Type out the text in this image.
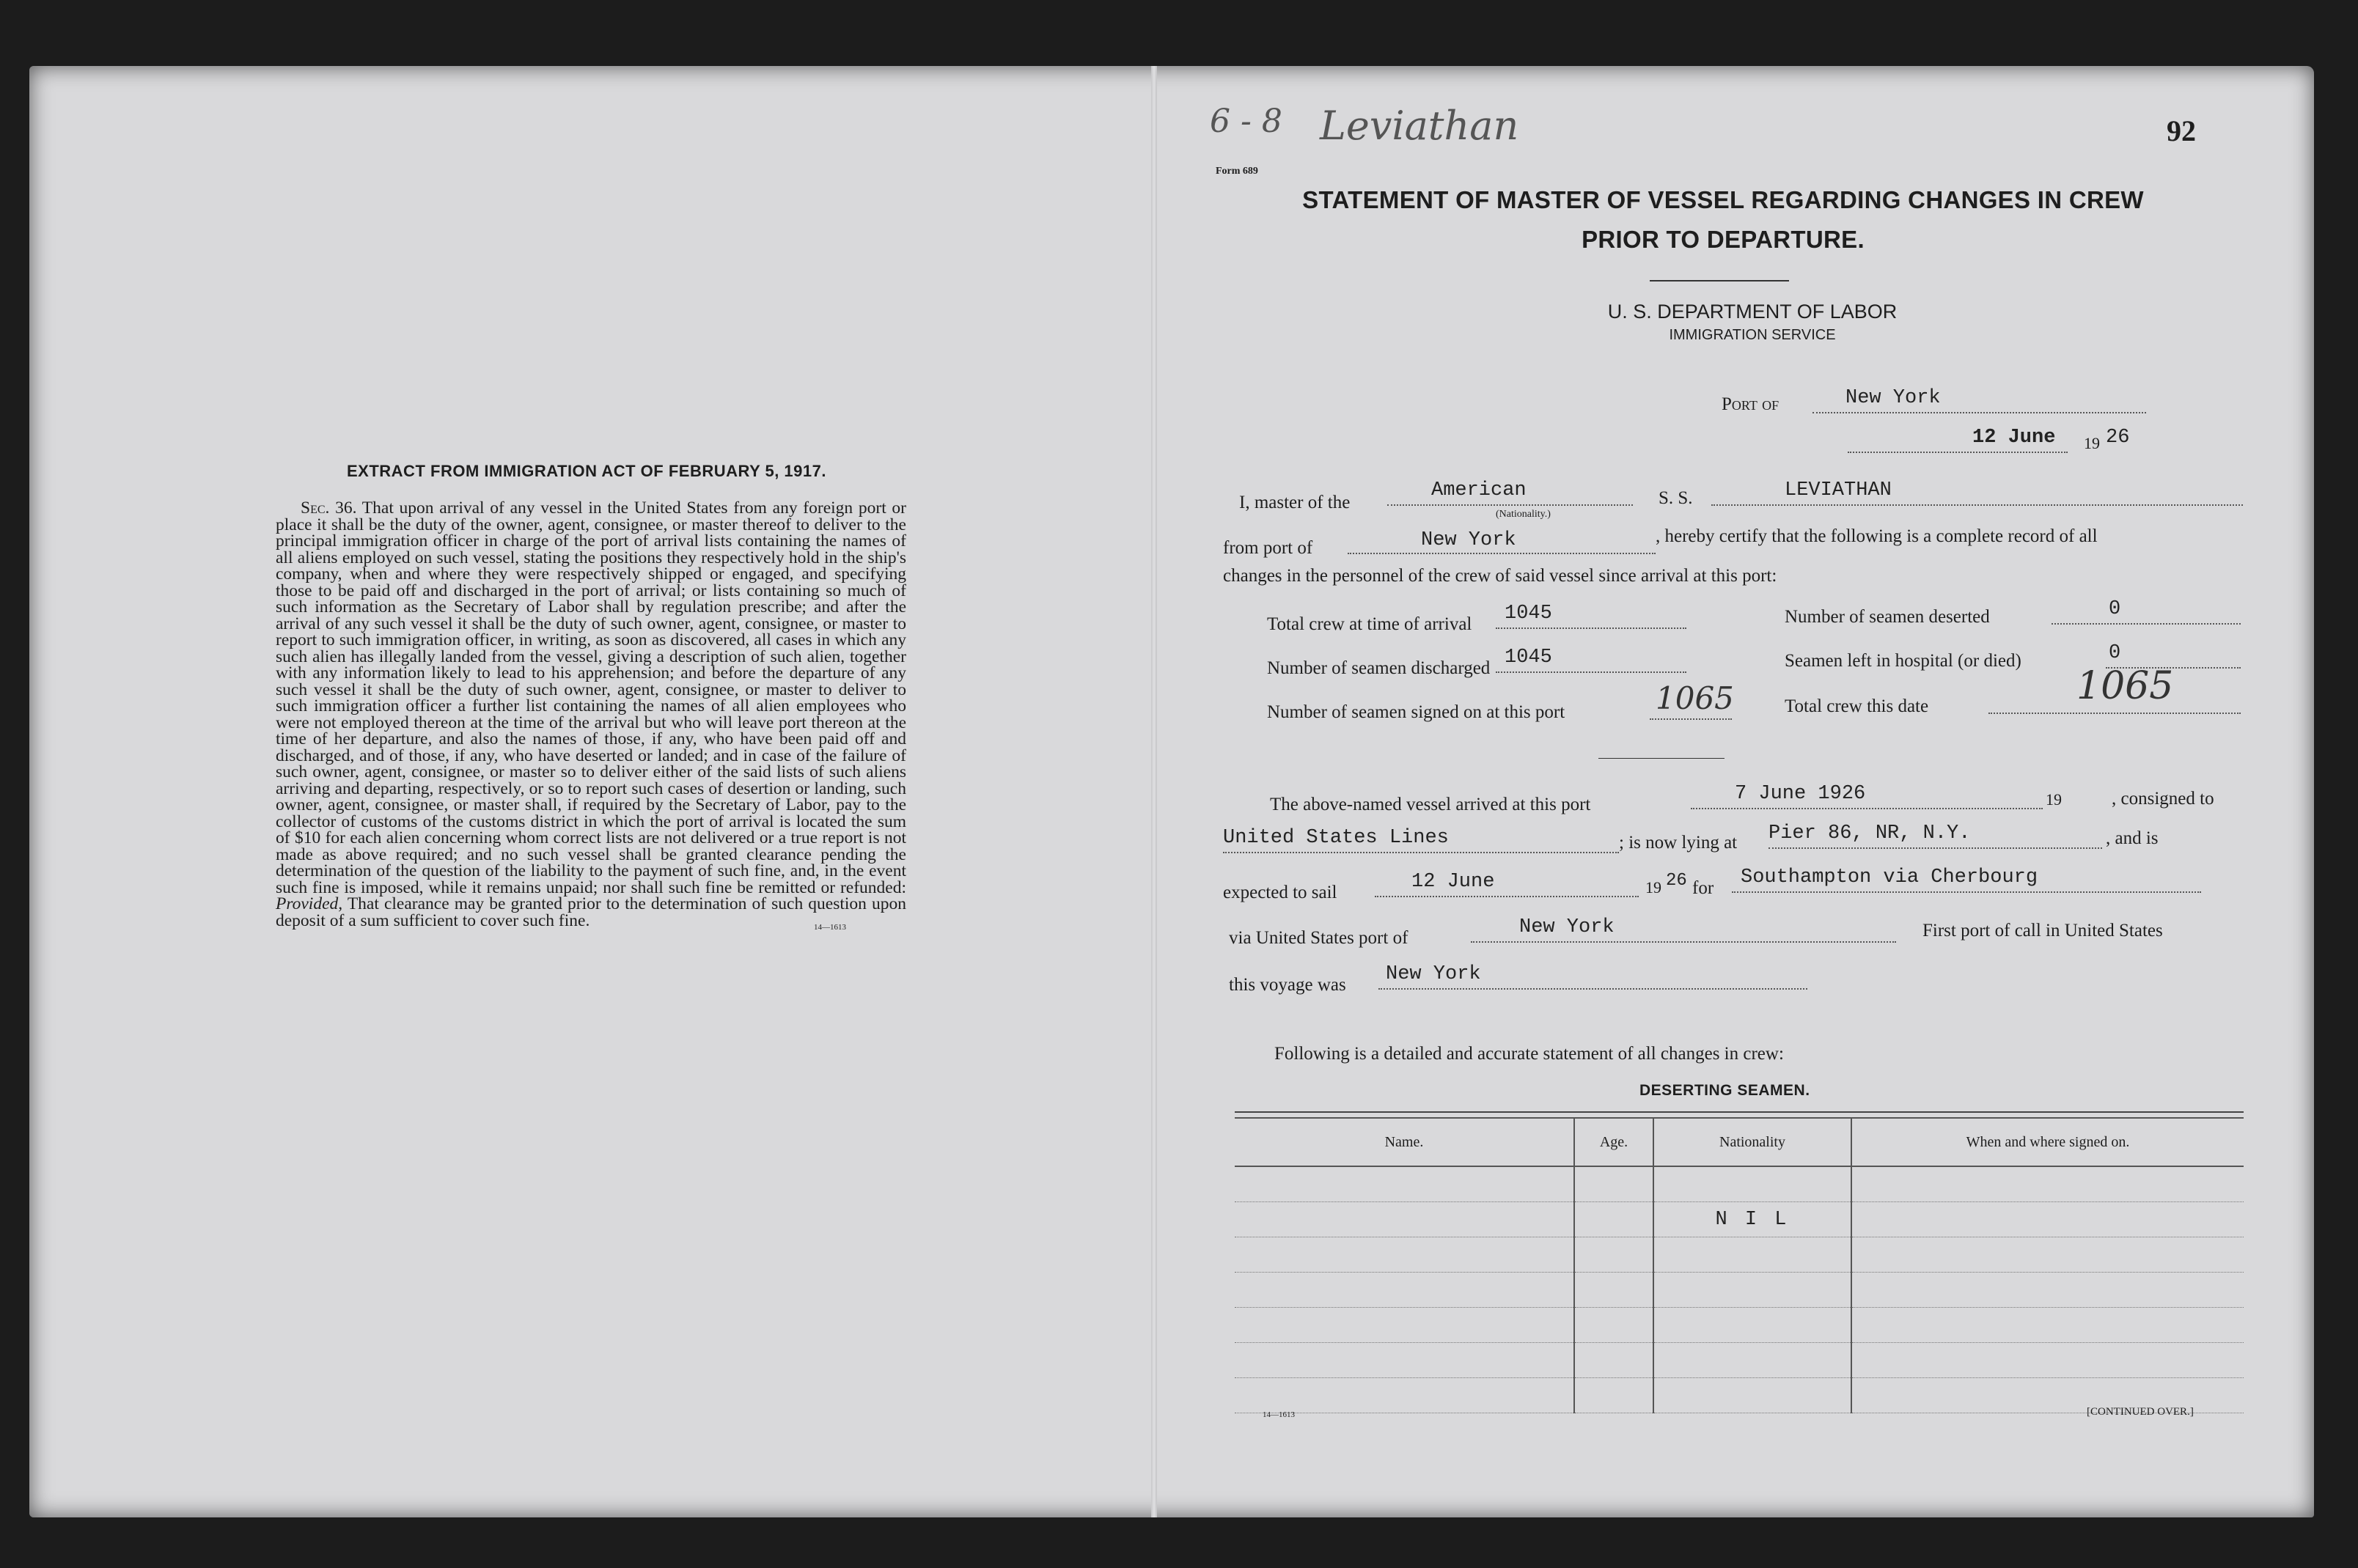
EXTRACT FROM IMMIGRATION ACT OF FEBRUARY 5, 1917.
Sec. 36. That upon arrival of any vessel in the United States from any foreign port or place it shall be the duty of the owner, agent, consignee, or master thereof to deliver to the principal immigration officer in charge of the port of arrival lists containing the names of all aliens employed on such vessel, stating the positions they respectively hold in the ship's company, when and where they were respectively shipped or engaged, and specifying those to be paid off and discharged in the port of arrival; or lists containing so much of such information as the Secretary of Labor shall by regulation prescribe; and after the arrival of any such vessel it shall be the duty of such owner, agent, consignee, or master to report to such immigration officer, in writing, as soon as discovered, all cases in which any such alien has illegally landed from the vessel, giving a description of such alien, together with any information likely to lead to his apprehension; and before the departure of any such vessel it shall be the duty of such owner, agent, consignee, or master to deliver to such immigration officer a further list containing the names of all alien employees who were not employed thereon at the time of the arrival but who will leave port thereon at the time of her departure, and also the names of those, if any, who have been paid off and discharged, and of those, if any, who have deserted or landed; and in case of the failure of such owner, agent, consignee, or master so to deliver either of the said lists of such aliens arriving and departing, respectively, or so to report such cases of desertion or landing, such owner, agent, consignee, or master shall, if required by the Secretary of Labor, pay to the collector of customs of the customs district in which the port of arrival is located the sum of $10 for each alien concerning whom correct lists are not delivered or a true report is not made as above required; and no such vessel shall be granted clearance pending the determination of the question of the liability to the payment of such fine, and, in the event such fine is imposed, while it remains unpaid; nor shall such fine be remitted or refunded: Provided, That clearance may be granted prior to the determination of such question upon deposit of a sum sufficient to cover such fine.	14—1613
6 - 8 Leviathan	92
Form 689
STATEMENT OF MASTER OF VESSEL REGARDING CHANGES IN CREW
PRIOR TO DEPARTURE.
U. S. DEPARTMENT OF LABOR
IMMIGRATION SERVICE
Port of	New York
12 June 19 26
I, master of the
American
(Nationality.)
S. S.	LEVIATHAN
from port of	New York	, hereby certify that the following is a complete record of all
changes in the personnel of the crew of said vessel since arrival at this port:
Total crew at time of arrival 1045	Number of seamen deserted	0
Number of seamen discharged 1045	Seamen left in hospital (or died)	0
Number of seamen signed on at this port	1065	Total crew this date	1065
The above-named vessel arrived at this port	7 June 1926	19	, consigned to
United States Lines	; is now lying at Pier 86, NR, N.Y.	, and is
expected to sail	12 June	19 26 for Southampton via Cherbourg
via United States port of	New York	First port of call in United States
this voyage was New York
Following is a detailed and accurate statement of all changes in crew:
DESERTING SEAMEN.
Name.	Age.	Nationality	When and where signed on.

		N I L	

14—1613	[CONTINUED OVER.]
